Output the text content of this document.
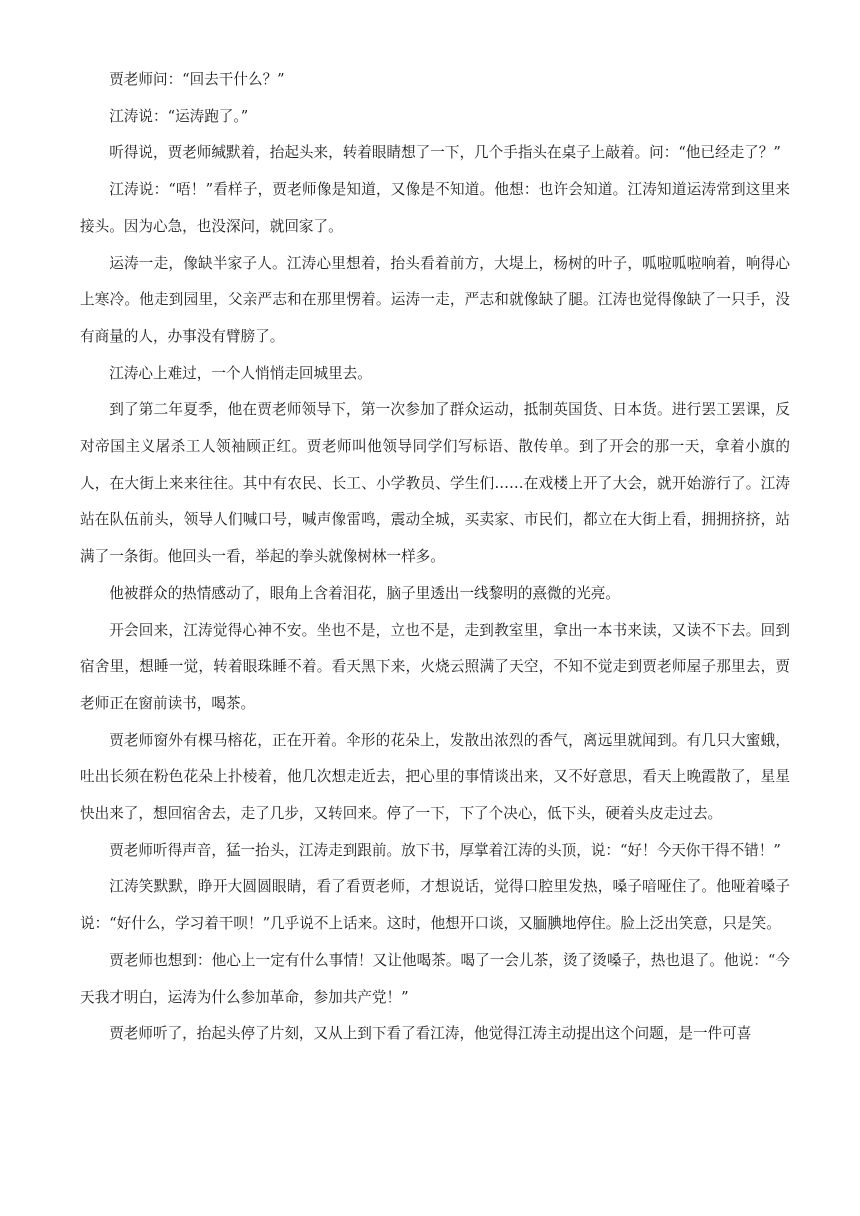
贾老师问：“回去干什么？”

江涛说：“运涛跑了。”

听得说，贾老师缄默着，抬起头来，转着眼睛想了一下，几个手指头在桌子上敲着。问：“他已经走了？”

江涛说：“唔！”看样子，贾老师像是知道，又像是不知道。他想：也许会知道。江涛知道运涛常到这里来接头。因为心急，也没深问，就回家了。

运涛一走，像缺半家子人。江涛心里想着，抬头看着前方，大堤上，杨树的叶子，呱啦呱啦响着，响得心上寒冷。他走到园里，父亲严志和在那里愣着。运涛一走，严志和就像缺了腿。江涛也觉得像缺了一只手，没有商量的人，办事没有臂膀了。

江涛心上难过，一个人悄悄走回城里去。

到了第二年夏季，他在贾老师领导下，第一次参加了群众运动，抵制英国货、日本货。进行罢工罢课，反对帝国主义屠杀工人领袖顾正红。贾老师叫他领导同学们写标语、散传单。到了开会的那一天，拿着小旗的人，在大街上来来往往。其中有农民、长工、小学教员、学生们……在戏楼上开了大会，就开始游行了。江涛站在队伍前头，领导人们喊口号，喊声像雷鸣，震动全城，买卖家、市民们，都立在大街上看，拥拥挤挤，站满了一条街。他回头一看，举起的拳头就像树林一样多。

他被群众的热情感动了，眼角上含着泪花，脑子里透出一线黎明的熹微的光亮。

开会回来，江涛觉得心神不安。坐也不是，立也不是，走到教室里，拿出一本书来读，又读不下去。回到宿舍里，想睡一觉，转着眼珠睡不着。看天黑下来，火烧云照满了天空，不知不觉走到贾老师屋子那里去，贾老师正在窗前读书，喝茶。

贾老师窗外有棵马榕花，正在开着。伞形的花朵上，发散出浓烈的香气，离远里就闻到。有几只大蜜蛾，吐出长须在粉色花朵上扑棱着，他几次想走近去，把心里的事情谈出来，又不好意思，看天上晚霞散了，星星快出来了，想回宿舍去，走了几步，又转回来。停了一下，下了个决心，低下头，硬着头皮走过去。

贾老师听得声音，猛一抬头，江涛走到跟前。放下书，厚掌着江涛的头顶，说：“好！今天你干得不错！”

江涛笑默默，睁开大圆圆眼睛，看了看贾老师，才想说话，觉得口腔里发热，嗓子喑哑住了。他哑着嗓子说：“好什么，学习着干呗！”几乎说不上话来。这时，他想开口谈，又腼腆地停住。脸上泛出笑意，只是笑。

贾老师也想到：他心上一定有什么事情！又让他喝茶。喝了一会儿茶，烫了烫嗓子，热也退了。他说：“今天我才明白，运涛为什么参加革命，参加共产党！”

贾老师听了，抬起头停了片刻，又从上到下看了看江涛，他觉得江涛主动提出这个问题，是一件可喜
